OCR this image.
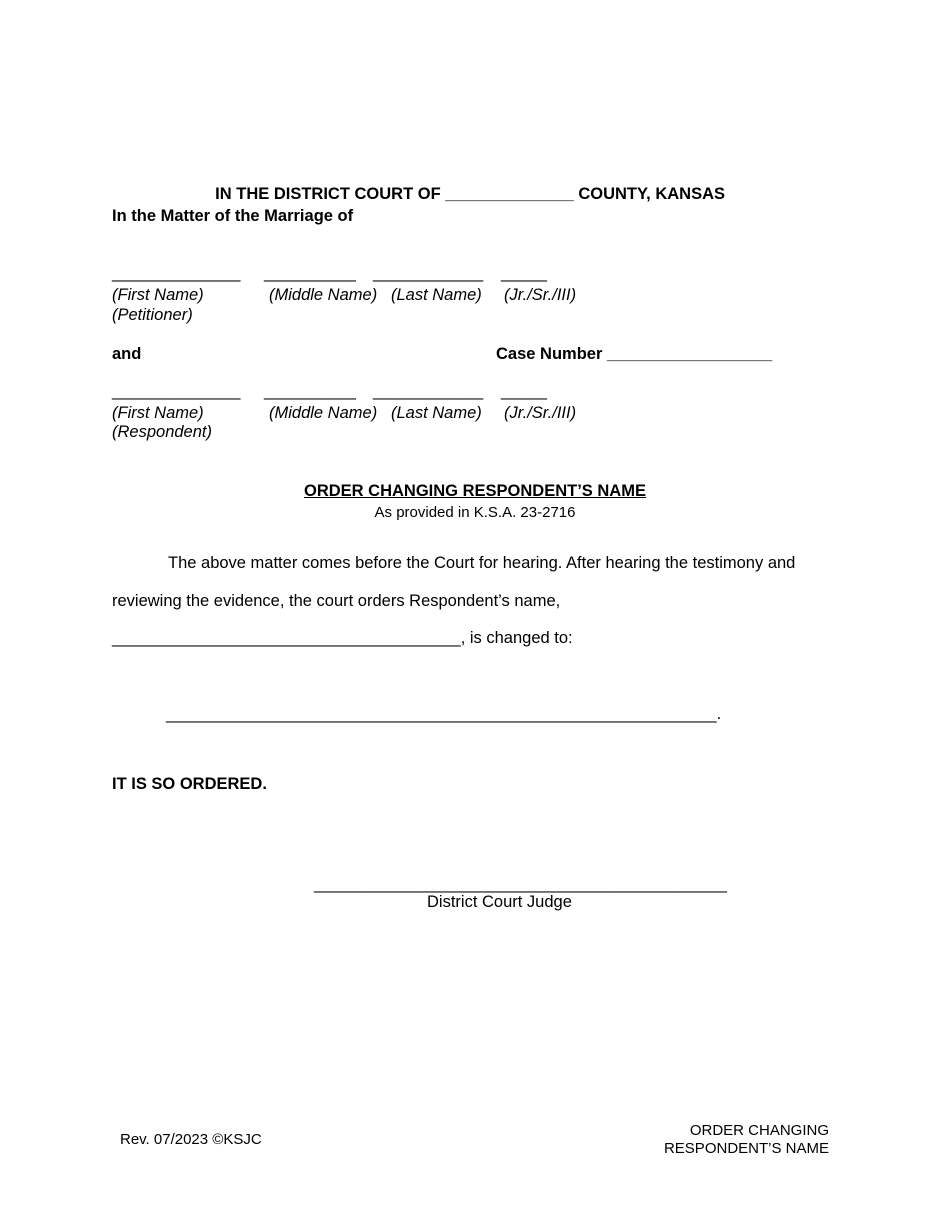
IN THE DISTRICT COURT OF ______________ COUNTY, KANSAS

In the Matter of the Marriage of
______________ __________ ____________ _____
(First Name)	(Middle Name) (Last Name) (Jr./Sr./III)
(Petitioner)
and	Case Number __________________
______________ __________ ____________ _____
(First Name)	(Middle Name) (Last Name) (Jr./Sr./III)
(Respondent)
ORDER CHANGING RESPONDENT’S NAME
As provided in K.S.A. 23-2716
The above matter comes before the Court for hearing. After hearing the testimony and
reviewing the evidence, the court orders Respondent’s name,
______________________________________, is changed to:
____________________________________________________________.
IT IS SO ORDERED.
_____________________________________________
District Court Judge
Rev. 07/2023 ©KSJC
ORDER CHANGING
RESPONDENT’S NAME
